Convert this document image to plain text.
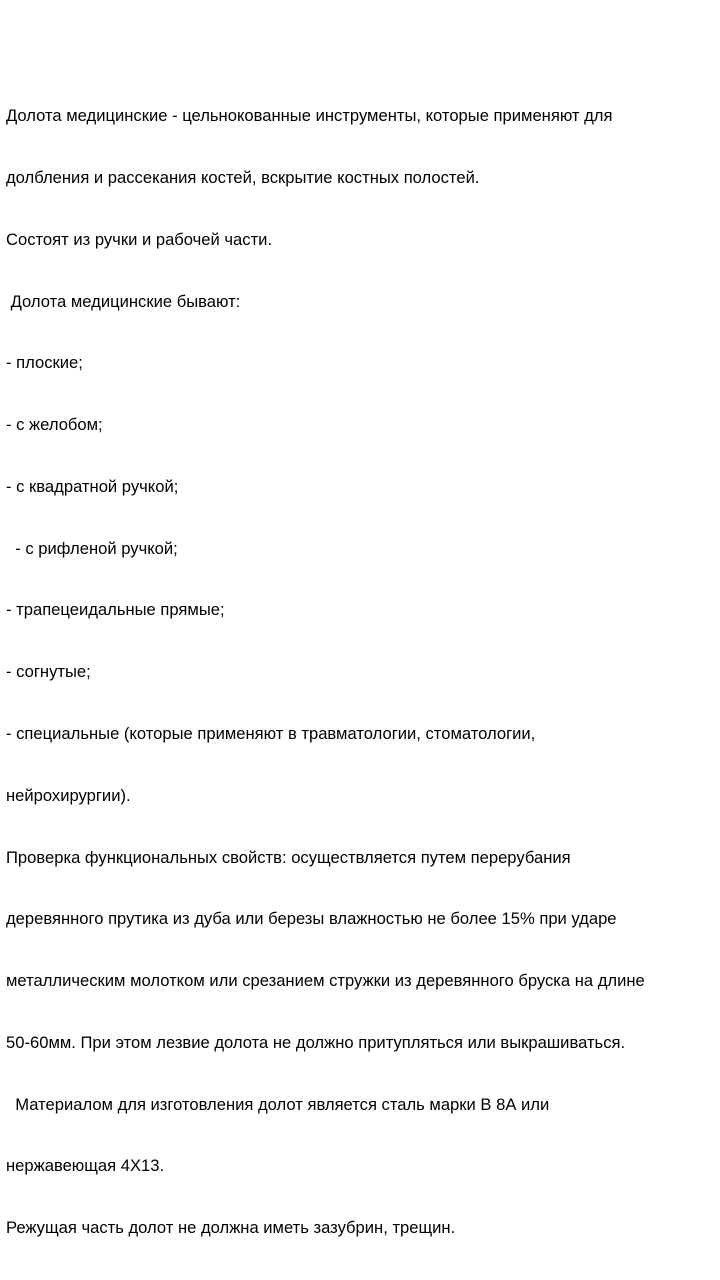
Долота медицинские - цельнокованные инструменты, которые применяют для

долбления и рассекания костей, вскрытие костных полостей.

Состоят из ручки и рабочей части.

Долота медицинские бывают:

- плоские;

- с желобом;

- с квадратной ручкой;

- с рифленой ручкой;

- трапецеидальные прямые;

- согнутые;

- специальные (которые применяют в травматологии, стоматологии,

нейрохирургии).

Проверка функциональных свойств: осуществляется путем перерубания

деревянного прутика из дуба или березы влажностью не более 15% при ударе

металлическим молотком или срезанием стружки из деревянного бруска на длине

50-60мм. При этом лезвие долота не должно притупляться или выкрашиваться.

Материалом для изготовления долот является сталь марки В 8А или

нержавеющая 4Х13.

Режущая часть долот не должна иметь зазубрин, трещин.
